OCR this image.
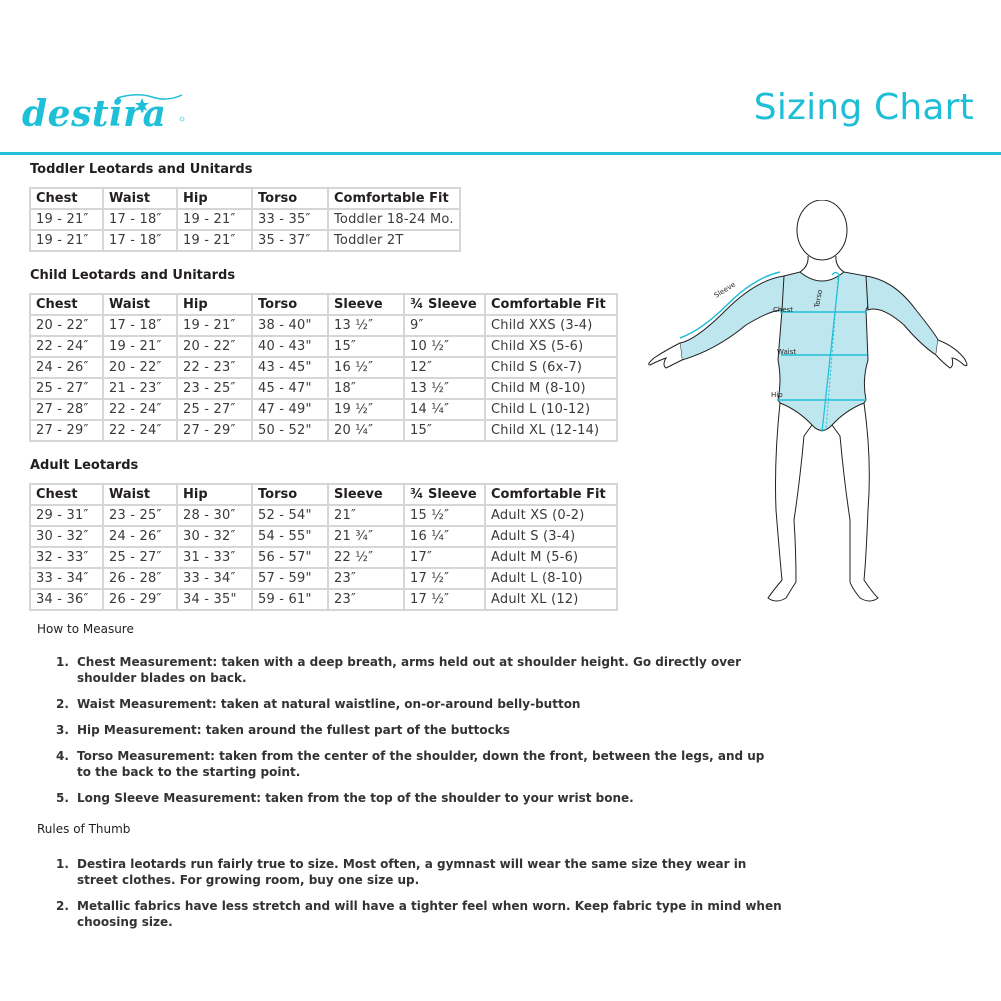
destira	Sizing Chart
Toddler Leotards and Unitards
Chest	Waist	Hip	Torso	Comfortable Fit
19 - 21″	17 - 18″	19 - 21″	33 - 35″	Toddler 18-24 Mo.
19 - 21″	17 - 18″	19 - 21″	35 - 37″	Toddler 2T
Child Leotards and Unitards
Chest	Waist	Hip	Torso	Sleeve	¾ Sleeve	Comfortable Fit
20 - 22″	17 - 18″	19 - 21″	38 - 40"	13 ½″	9″	Child XXS (3-4)
22 - 24″	19 - 21″	20 - 22″	40 - 43"	15″	10 ½″	Child XS (5-6)
24 - 26″	20 - 22″	22 - 23″	43 - 45"	16 ½″	12″	Child S (6x-7)
25 - 27″	21 - 23″	23 - 25″	45 - 47"	18″	13 ½″	Child M (8-10)
27 - 28″	22 - 24″	25 - 27″	47 - 49"	19 ½″	14 ¼″	Child L (10-12)
27 - 29″	22 - 24″	27 - 29″	50 - 52"	20 ¼″	15″	Child XL (12-14)
Adult Leotards
Chest	Waist	Hip	Torso	Sleeve	¾ Sleeve	Comfortable Fit
29 - 31″	23 - 25″	28 - 30″	52 - 54"	21″	15 ½″	Adult XS (0-2)
30 - 32″	24 - 26″	30 - 32″	54 - 55"	21 ¾″	16 ¼″	Adult S (3-4)
32 - 33″	25 - 27″	31 - 33″	56 - 57"	22 ½″	17″	Adult M (5-6)
33 - 34″	26 - 28″	33 - 34″	57 - 59"	23″	17 ½″	Adult L (8-10)
34 - 36″	26 - 29″	34 - 35"	59 - 61"	23″	17 ½″	Adult XL (12)
Chest
Waist
Hip
Torso
Sleeve
How to Measure
1. Chest Measurement: taken with a deep breath, arms held out at shoulder height. Go directly over shoulder blades on back.
2. Waist Measurement: taken at natural waistline, on-or-around belly-button
3. Hip Measurement: taken around the fullest part of the buttocks
4. Torso Measurement: taken from the center of the shoulder, down the front, between the legs, and up to the back to the starting point.
5. Long Sleeve Measurement: taken from the top of the shoulder to your wrist bone.
Rules of Thumb
1. Destira leotards run fairly true to size. Most often, a gymnast will wear the same size they wear in street clothes. For growing room, buy one size up.
2. Metallic fabrics have less stretch and will have a tighter feel when worn. Keep fabric type in mind when choosing size.
